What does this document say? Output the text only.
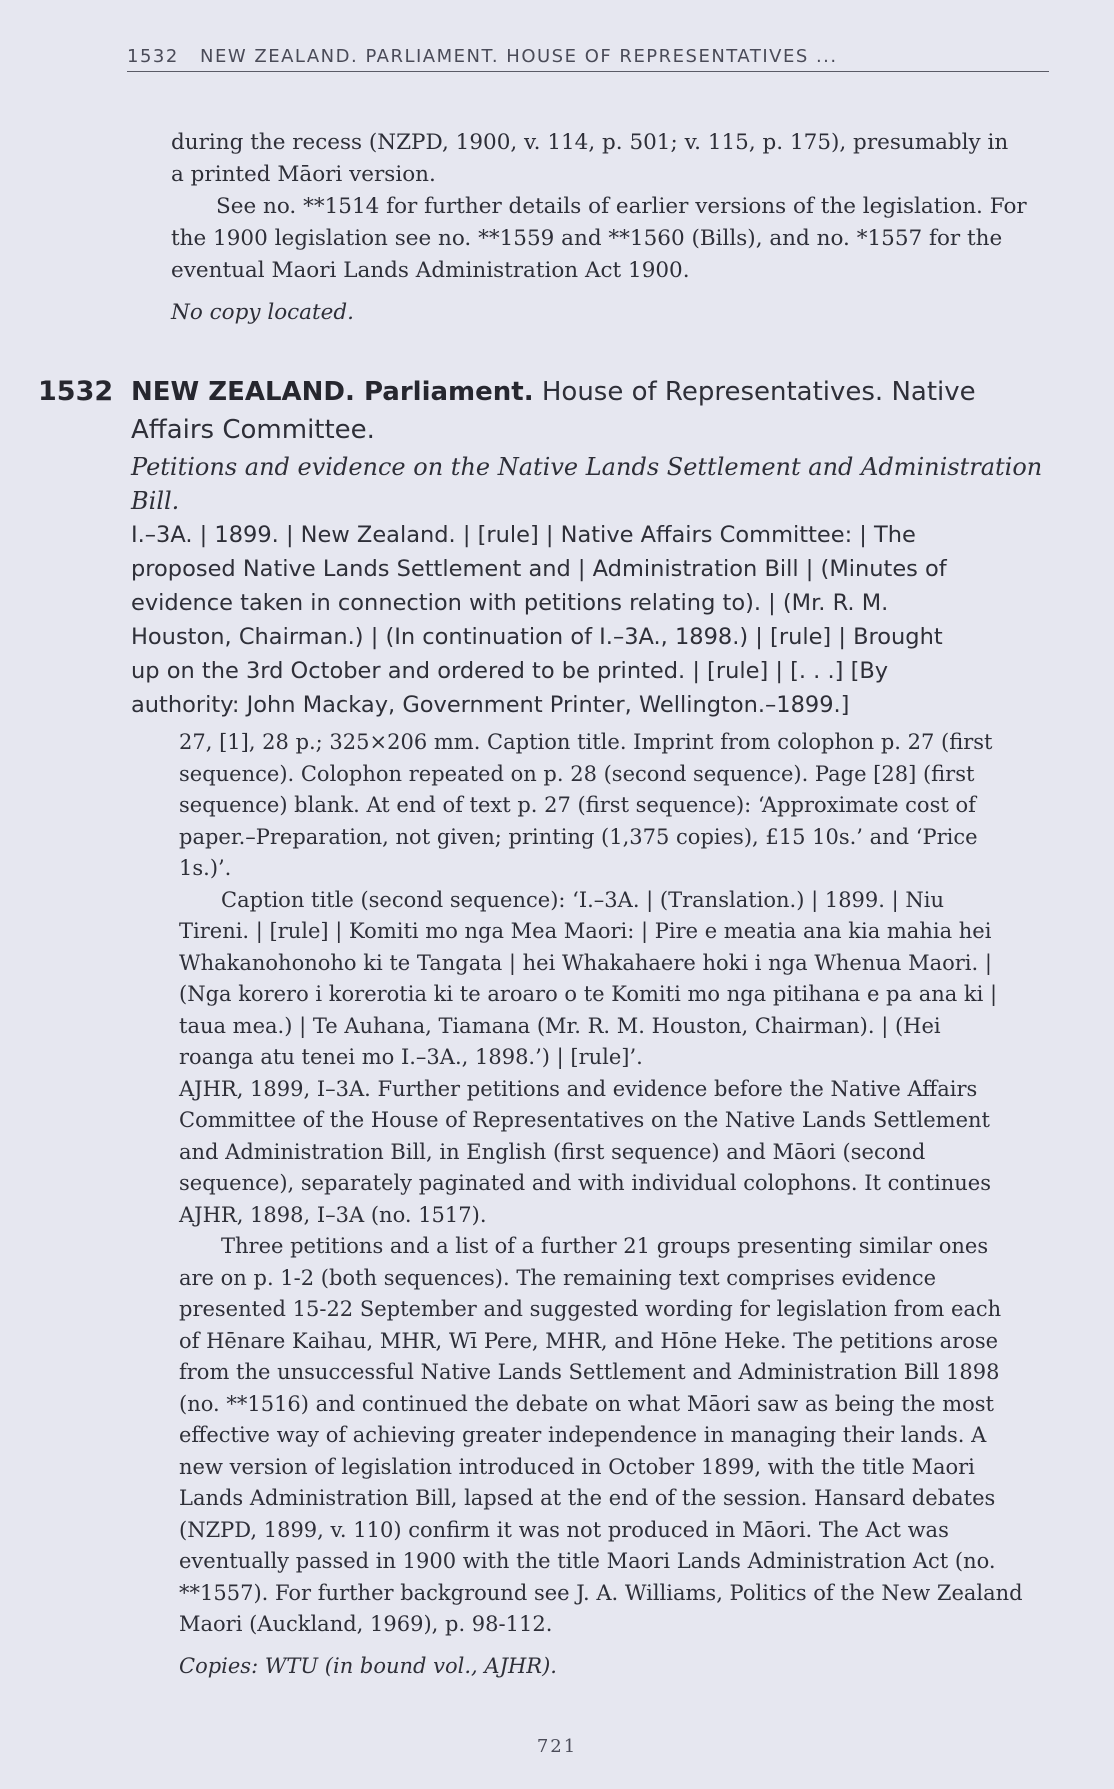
1532 NEW ZEALAND. PARLIAMENT. HOUSE OF REPRESENTATIVES ...
during the recess (NZPD, 1900, v. 114, p. 501; v. 115, p. 175), presumably in
a printed Māori version.
See no. **1514 for further details of earlier versions of the legislation. For
the 1900 legislation see no. **1559 and **1560 (Bills), and no. *1557 for the
eventual Maori Lands Administration Act 1900.
No copy located.
1532 NEW ZEALAND. Parliament. House of Representatives. Native
Affairs Committee.
Petitions and evidence on the Native Lands Settlement and Administration
Bill.
I.–3A. | 1899. | New Zealand. | [rule] | Native Affairs Committee: | The
proposed Native Lands Settlement and | Administration Bill | (Minutes of
evidence taken in connection with petitions relating to). | (Mr. R. M.
Houston, Chairman.) | (In continuation of I.–3A., 1898.) | [rule] | Brought
up on the 3rd October and ordered to be printed. | [rule] | [. . .] [By
authority: John Mackay, Government Printer, Wellington.–1899.]
27, [1], 28 p.; 325×206 mm. Caption title. Imprint from colophon p. 27 (first
sequence). Colophon repeated on p. 28 (second sequence). Page [28] (first
sequence) blank. At end of text p. 27 (first sequence): ‘Approximate cost of
paper.–Preparation, not given; printing (1,375 copies), £15 10s.’ and ‘Price
1s.)’.
Caption title (second sequence): ‘I.–3A. | (Translation.) | 1899. | Niu
Tireni. | [rule] | Komiti mo nga Mea Maori: | Pire e meatia ana kia mahia hei
Whakanohonoho ki te Tangata | hei Whakahaere hoki i nga Whenua Maori. |
(Nga korero i korerotia ki te aroaro o te Komiti mo nga pitihana e pa ana ki |
taua mea.) | Te Auhana, Tiamana (Mr. R. M. Houston, Chairman). | (Hei
roanga atu tenei mo I.–3A., 1898.’) | [rule]’.
AJHR, 1899, I–3A. Further petitions and evidence before the Native Affairs
Committee of the House of Representatives on the Native Lands Settlement
and Administration Bill, in English (first sequence) and Māori (second
sequence), separately paginated and with individual colophons. It continues
AJHR, 1898, I–3A (no. 1517).
Three petitions and a list of a further 21 groups presenting similar ones
are on p. 1-2 (both sequences). The remaining text comprises evidence
presented 15-22 September and suggested wording for legislation from each
of Hēnare Kaihau, MHR, Wī Pere, MHR, and Hōne Heke. The petitions arose
from the unsuccessful Native Lands Settlement and Administration Bill 1898
(no. **1516) and continued the debate on what Māori saw as being the most
effective way of achieving greater independence in managing their lands. A
new version of legislation introduced in October 1899, with the title Maori
Lands Administration Bill, lapsed at the end of the session. Hansard debates
(NZPD, 1899, v. 110) confirm it was not produced in Māori. The Act was
eventually passed in 1900 with the title Maori Lands Administration Act (no.
**1557). For further background see J. A. Williams, Politics of the New Zealand
Maori (Auckland, 1969), p. 98-112.
Copies: WTU (in bound vol., AJHR).
721
